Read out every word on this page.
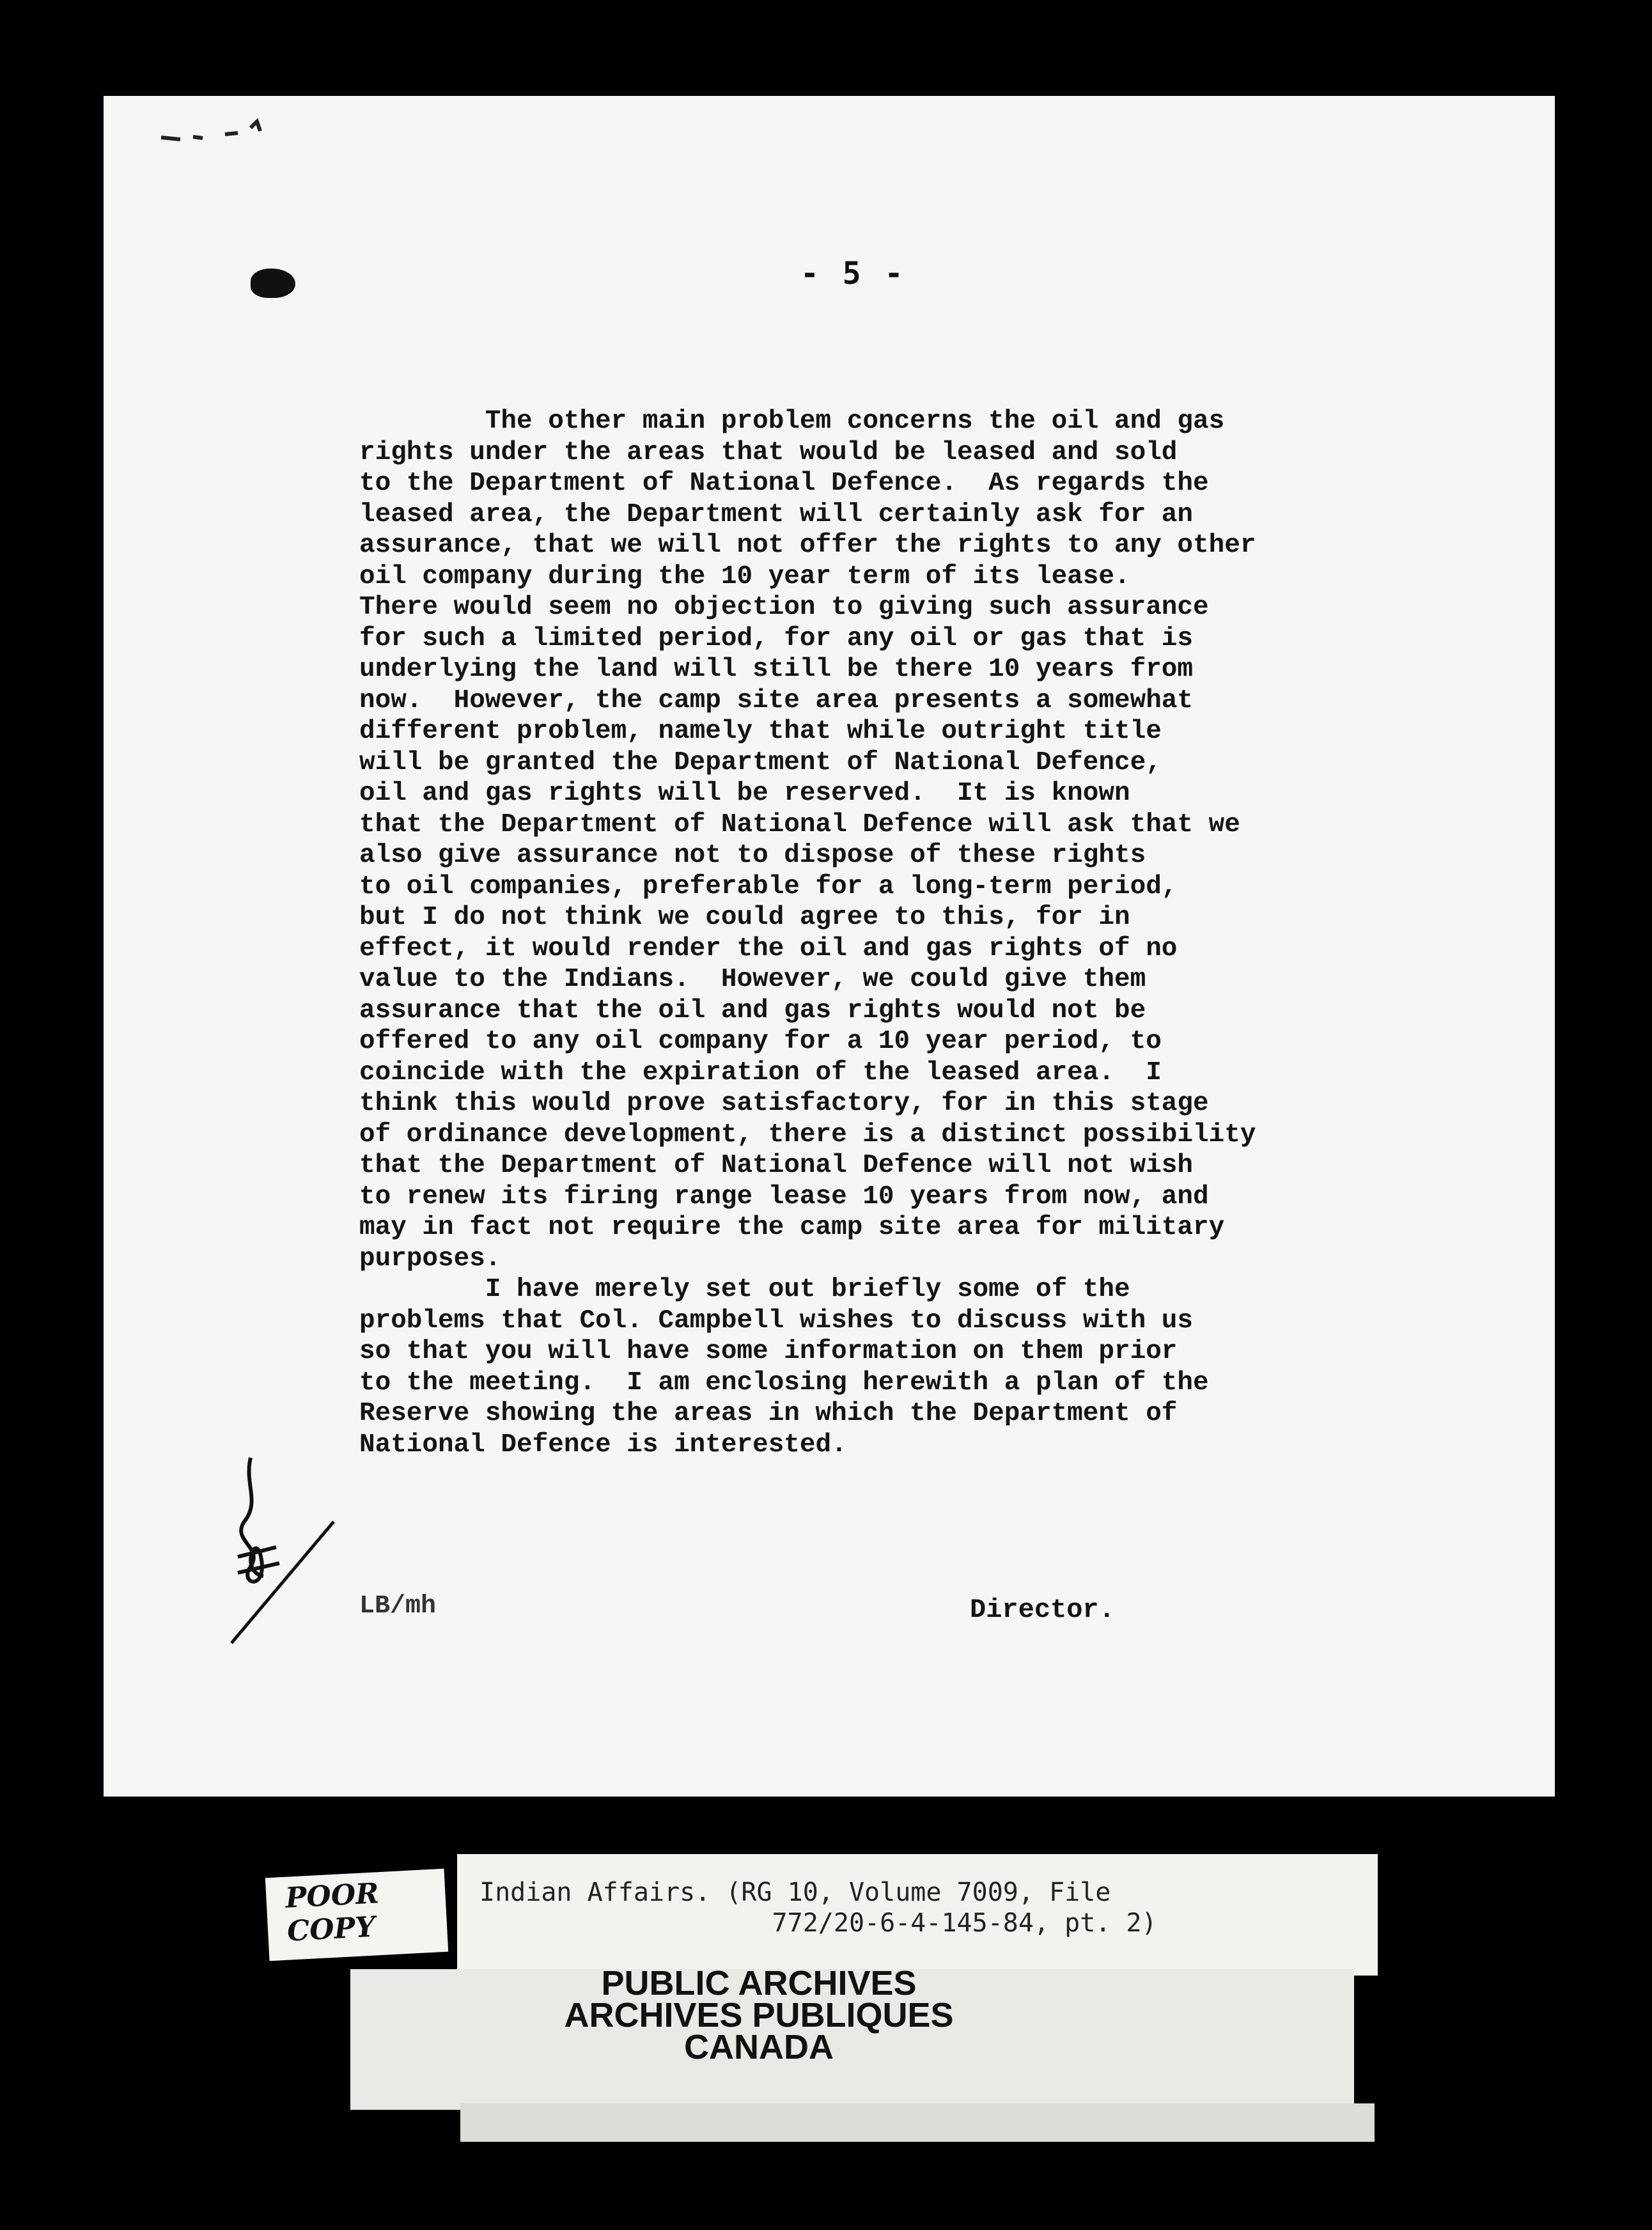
- 5 -
The other main problem concerns the oil and gas
rights under the areas that would be leased and sold
to the Department of National Defence.  As regards the
leased area, the Department will certainly ask for an
assurance, that we will not offer the rights to any other
oil company during the 10 year term of its lease.
There would seem no objection to giving such assurance
for such a limited period, for any oil or gas that is
underlying the land will still be there 10 years from
now.  However, the camp site area presents a somewhat
different problem, namely that while outright title
will be granted the Department of National Defence,
oil and gas rights will be reserved.  It is known
that the Department of National Defence will ask that we
also give assurance not to dispose of these rights
to oil companies, preferable for a long-term period,
but I do not think we could agree to this, for in
effect, it would render the oil and gas rights of no
value to the Indians.  However, we could give them
assurance that the oil and gas rights would not be
offered to any oil company for a 10 year period, to
coincide with the expiration of the leased area.  I
think this would prove satisfactory, for in this stage
of ordinance development, there is a distinct possibility
that the Department of National Defence will not wish
to renew its firing range lease 10 years from now, and
may in fact not require the camp site area for military
purposes.
I have merely set out briefly some of the
problems that Col. Campbell wishes to discuss with us
so that you will have some information on them prior
to the meeting.  I am enclosing herewith a plan of the
Reserve showing the areas in which the Department of
National Defence is interested.
LB/mh	Director.
POOR
COPY
Indian Affairs. (RG 10, Volume 7009, File
772/20-6-4-145-84, pt. 2)
PUBLIC ARCHIVES
ARCHIVES PUBLIQUES
CANADA
